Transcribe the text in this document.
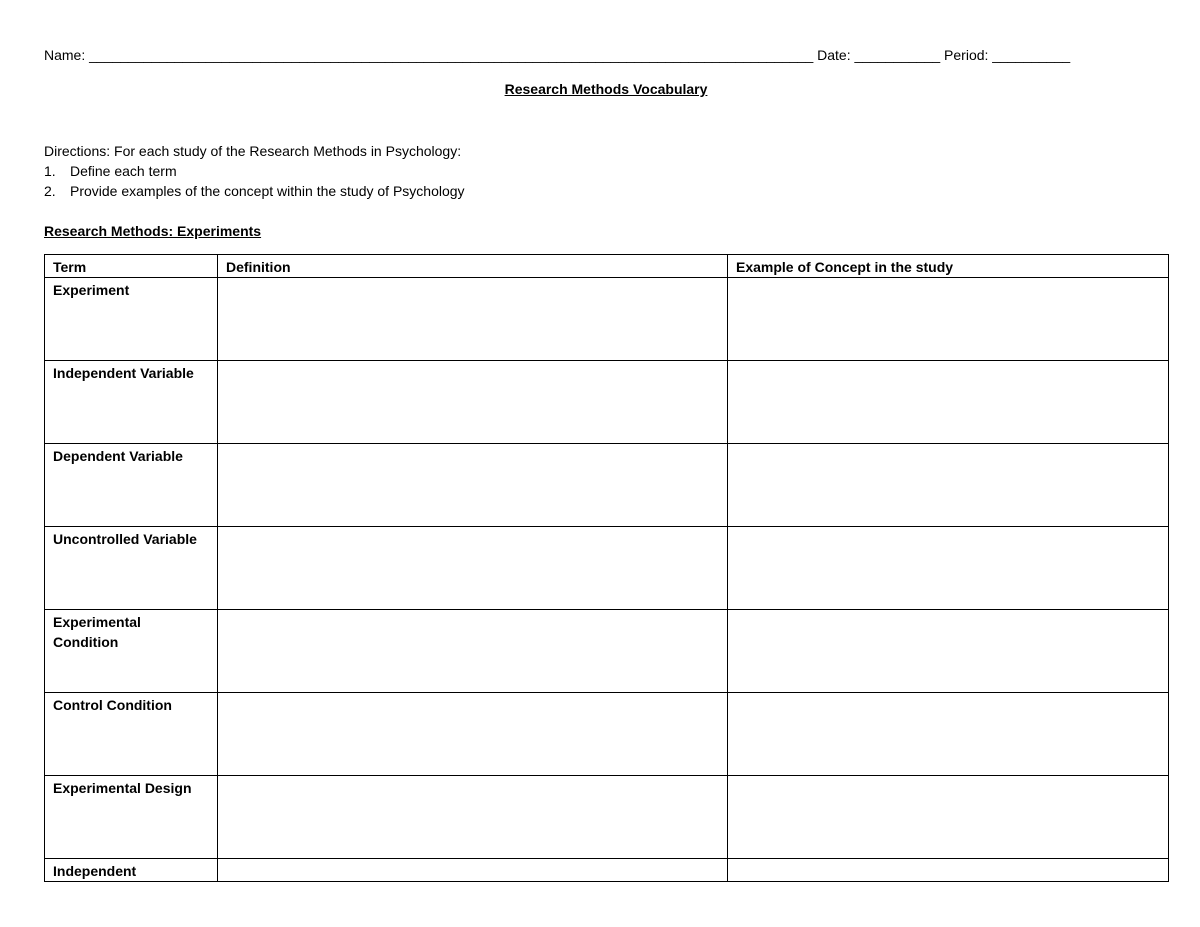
Name: _____________________________________________________________________________________________ Date: ___________ Period: __________
Research Methods Vocabulary
Directions: For each study of the Research Methods in Psychology:
1.	Define each term
2.	Provide examples of the concept within the study of Psychology
Research Methods: Experiments
Term	Definition	Example of Concept in the study
Experiment		
Independent Variable		
Dependent Variable		
Uncontrolled Variable		
Experimental Condition		
Control Condition		
Experimental Design		
Independent		
